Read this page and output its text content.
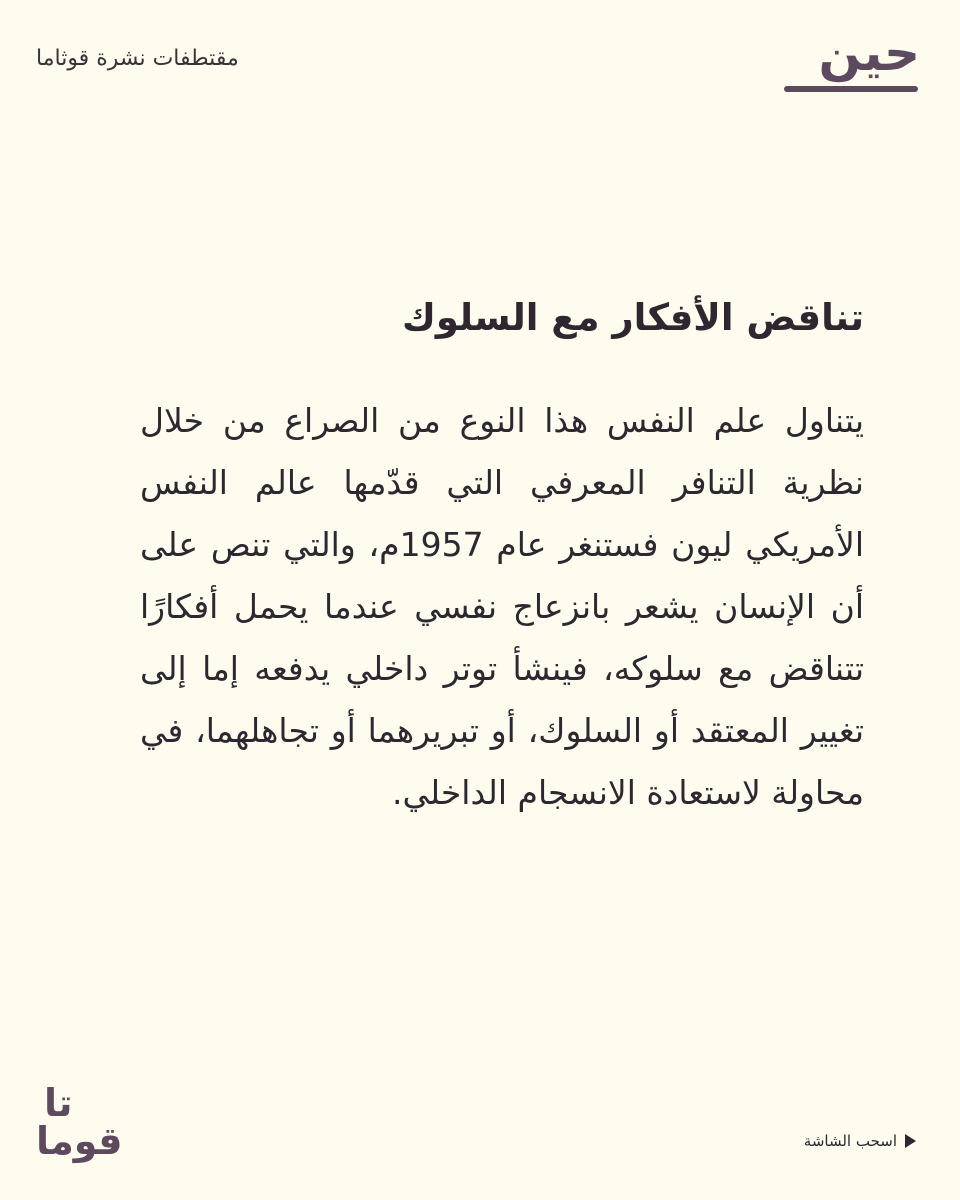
حين
مقتطفات نشرة قوثاما
تناقض الأفكار مع السلوك

يتناول علم النفس هذا النوع من الصراع من خلال نظرية التنافر المعرفي التي قدّمها عالم النفس الأمريكي ليون فستنغر عام 1957م، والتي تنص على أن الإنسان يشعر بانزعاج نفسي عندما يحمل أفكارًا تتناقض مع سلوكه، فينشأ توتر داخلي يدفعه إما إلى تغيير المعتقد أو السلوك، أو تبريرهما أو تجاهلهما، في محاولة لاستعادة الانسجام الداخلي.

تا
قوما	اسحب الشاشة
